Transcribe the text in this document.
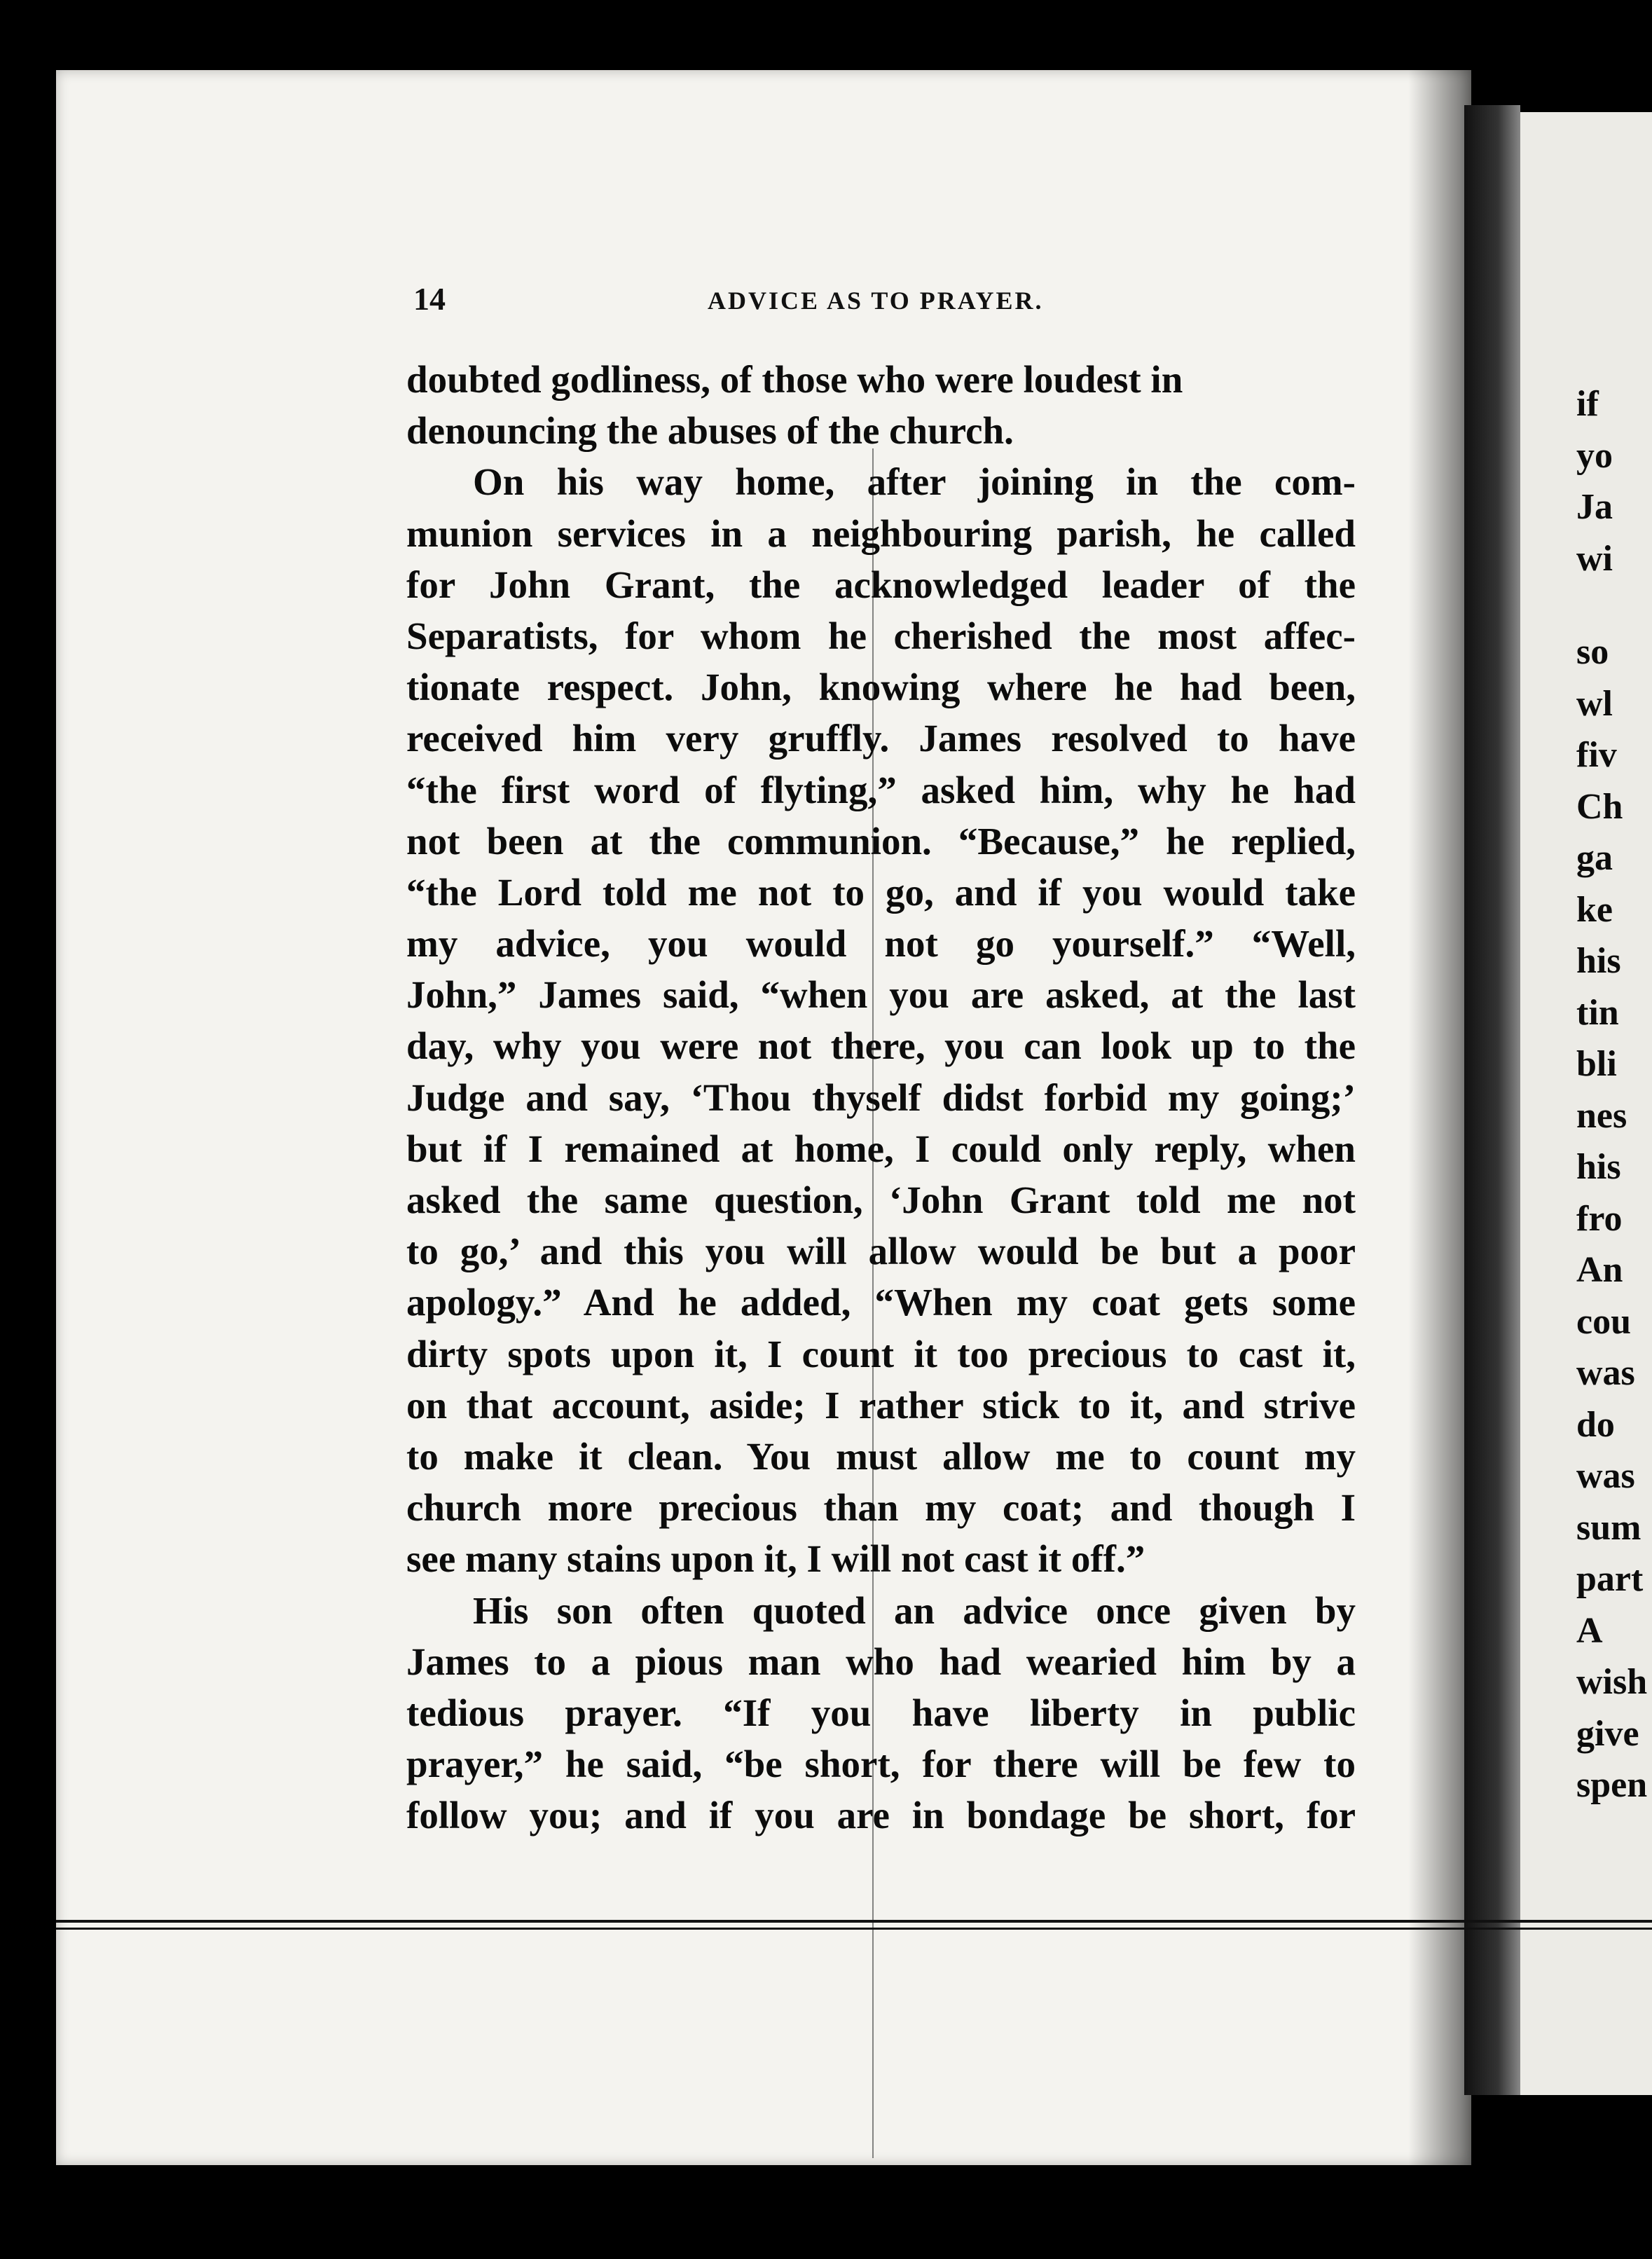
14	ADVICE AS TO PRAYER.
doubted godliness, of those who were loudest in
denouncing the abuses of the church.
On his way home, after joining in the com-
munion services in a neighbouring parish, he called
for John Grant, the acknowledged leader of the
Separatists, for whom he cherished the most affec-
tionate respect. John, knowing where he had been,
received him very gruffly. James resolved to have
“the first word of flyting,” asked him, why he had
not been at the communion. “Because,” he replied,
“the Lord told me not to go, and if you would take
my advice, you would not go yourself.” “Well,
John,” James said, “when you are asked, at the last
day, why you were not there, you can look up to the
Judge and say, ‘Thou thyself didst forbid my going;’
but if I remained at home, I could only reply, when
asked the same question, ‘John Grant told me not
to go,’ and this you will allow would be but a poor
apology.” And he added, “When my coat gets some
dirty spots upon it, I count it too precious to cast it,
on that account, aside; I rather stick to it, and strive
to make it clean. You must allow me to count my
church more precious than my coat; and though I
see many stains upon it, I will not cast it off.”
His son often quoted an advice once given by
James to a pious man who had wearied him by a
tedious prayer. “If you have liberty in public
prayer,” he said, “be short, for there will be few to
follow you; and if you are in bondage be short, for
if
yo
Ja
wi
so
wl
fiv
Ch
ga
ke
his
tin
bli
nes
his
fro
An
cou
was
do
was
sum
part
A
wish
give
spen
